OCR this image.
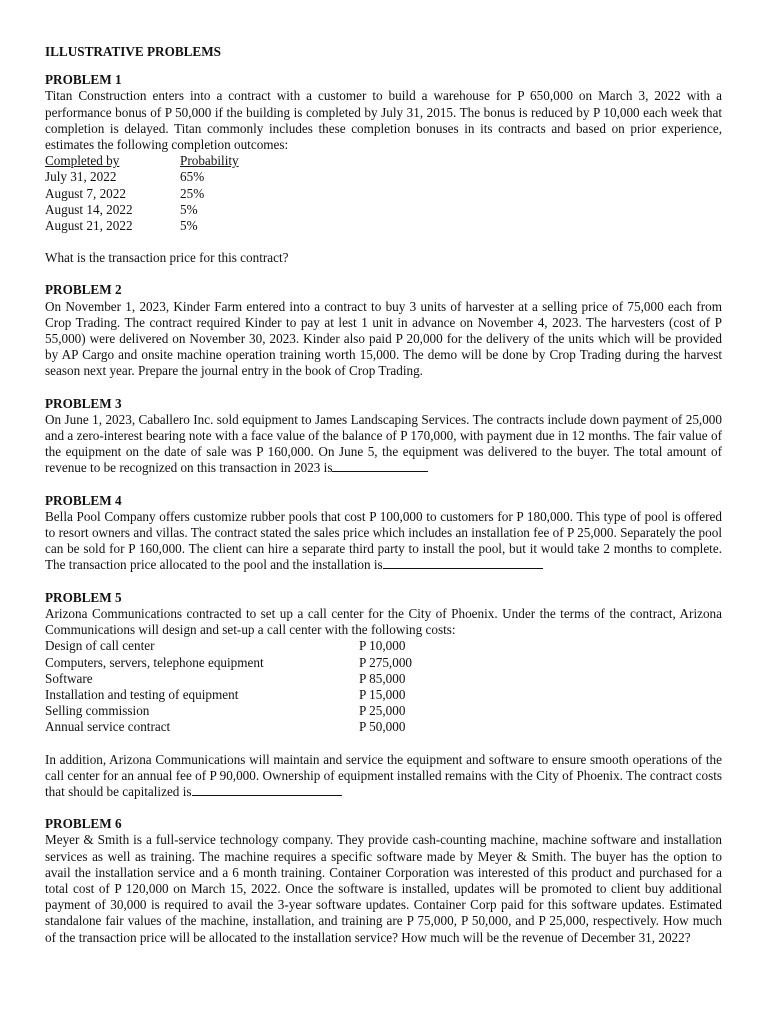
ILLUSTRATIVE PROBLEMS
PROBLEM 1

Titan Construction enters into a contract with a customer to build a warehouse for P 650,000 on March 3, 2022 with a performance bonus of P 50,000 if the building is completed by July 31, 2015. The bonus is reduced by P 10,000 each week that completion is delayed. Titan commonly includes these completion bonuses in its contracts and based on prior experience, estimates the following completion outcomes:

Completed by	Probability
July 31, 2022	65%
August 7, 2022	25%
August 14, 2022	5%
August 21, 2022	5%

What is the transaction price for this contract?

PROBLEM 2

On November 1, 2023, Kinder Farm entered into a contract to buy 3 units of harvester at a selling price of 75,000 each from Crop Trading. The contract required Kinder to pay at lest 1 unit in advance on November 4, 2023. The harvesters (cost of P 55,000) were delivered on November 30, 2023. Kinder also paid P 20,000 for the delivery of the units which will be provided by AP Cargo and onsite machine operation training worth 15,000. The demo will be done by Crop Trading during the harvest season next year. Prepare the journal entry in the book of Crop Trading.

PROBLEM 3

On June 1, 2023, Caballero Inc. sold equipment to James Landscaping Services. The contracts include down payment of 25,000 and a zero-interest bearing note with a face value of the balance of P 170,000, with payment due in 12 months. The fair value of the equipment on the date of sale was P 160,000. On June 5, the equipment was delivered to the buyer. The total amount of revenue to be recognized on this transaction in 2023 is

PROBLEM 4

Bella Pool Company offers customize rubber pools that cost P 100,000 to customers for P 180,000. This type of pool is offered to resort owners and villas. The contract stated the sales price which includes an installation fee of P 25,000. Separately the pool can be sold for P 160,000. The client can hire a separate third party to install the pool, but it would take 2 months to complete. The transaction price allocated to the pool and the installation is

PROBLEM 5

Arizona Communications contracted to set up a call center for the City of Phoenix. Under the terms of the contract, Arizona Communications will design and set-up a call center with the following costs:

Design of call center	P 10,000
Computers, servers, telephone equipment	P 275,000
Software	P 85,000
Installation and testing of equipment	P 15,000
Selling commission	P 25,000
Annual service contract	P 50,000

In addition, Arizona Communications will maintain and service the equipment and software to ensure smooth operations of the call center for an annual fee of P 90,000. Ownership of equipment installed remains with the City of Phoenix. The contract costs that should be capitalized is

PROBLEM 6

Meyer & Smith is a full-service technology company. They provide cash-counting machine, machine software and installation services as well as training. The machine requires a specific software made by Meyer & Smith. The buyer has the option to avail the installation service and a 6 month training. Container Corporation was interested of this product and purchased for a total cost of P 120,000 on March 15, 2022. Once the software is installed, updates will be promoted to client buy additional payment of 30,000 is required to avail the 3-year software updates. Container Corp paid for this software updates. Estimated standalone fair values of the machine, installation, and training are P 75,000, P 50,000, and P 25,000, respectively. How much of the transaction price will be allocated to the installation service? How much will be the revenue of December 31, 2022?
